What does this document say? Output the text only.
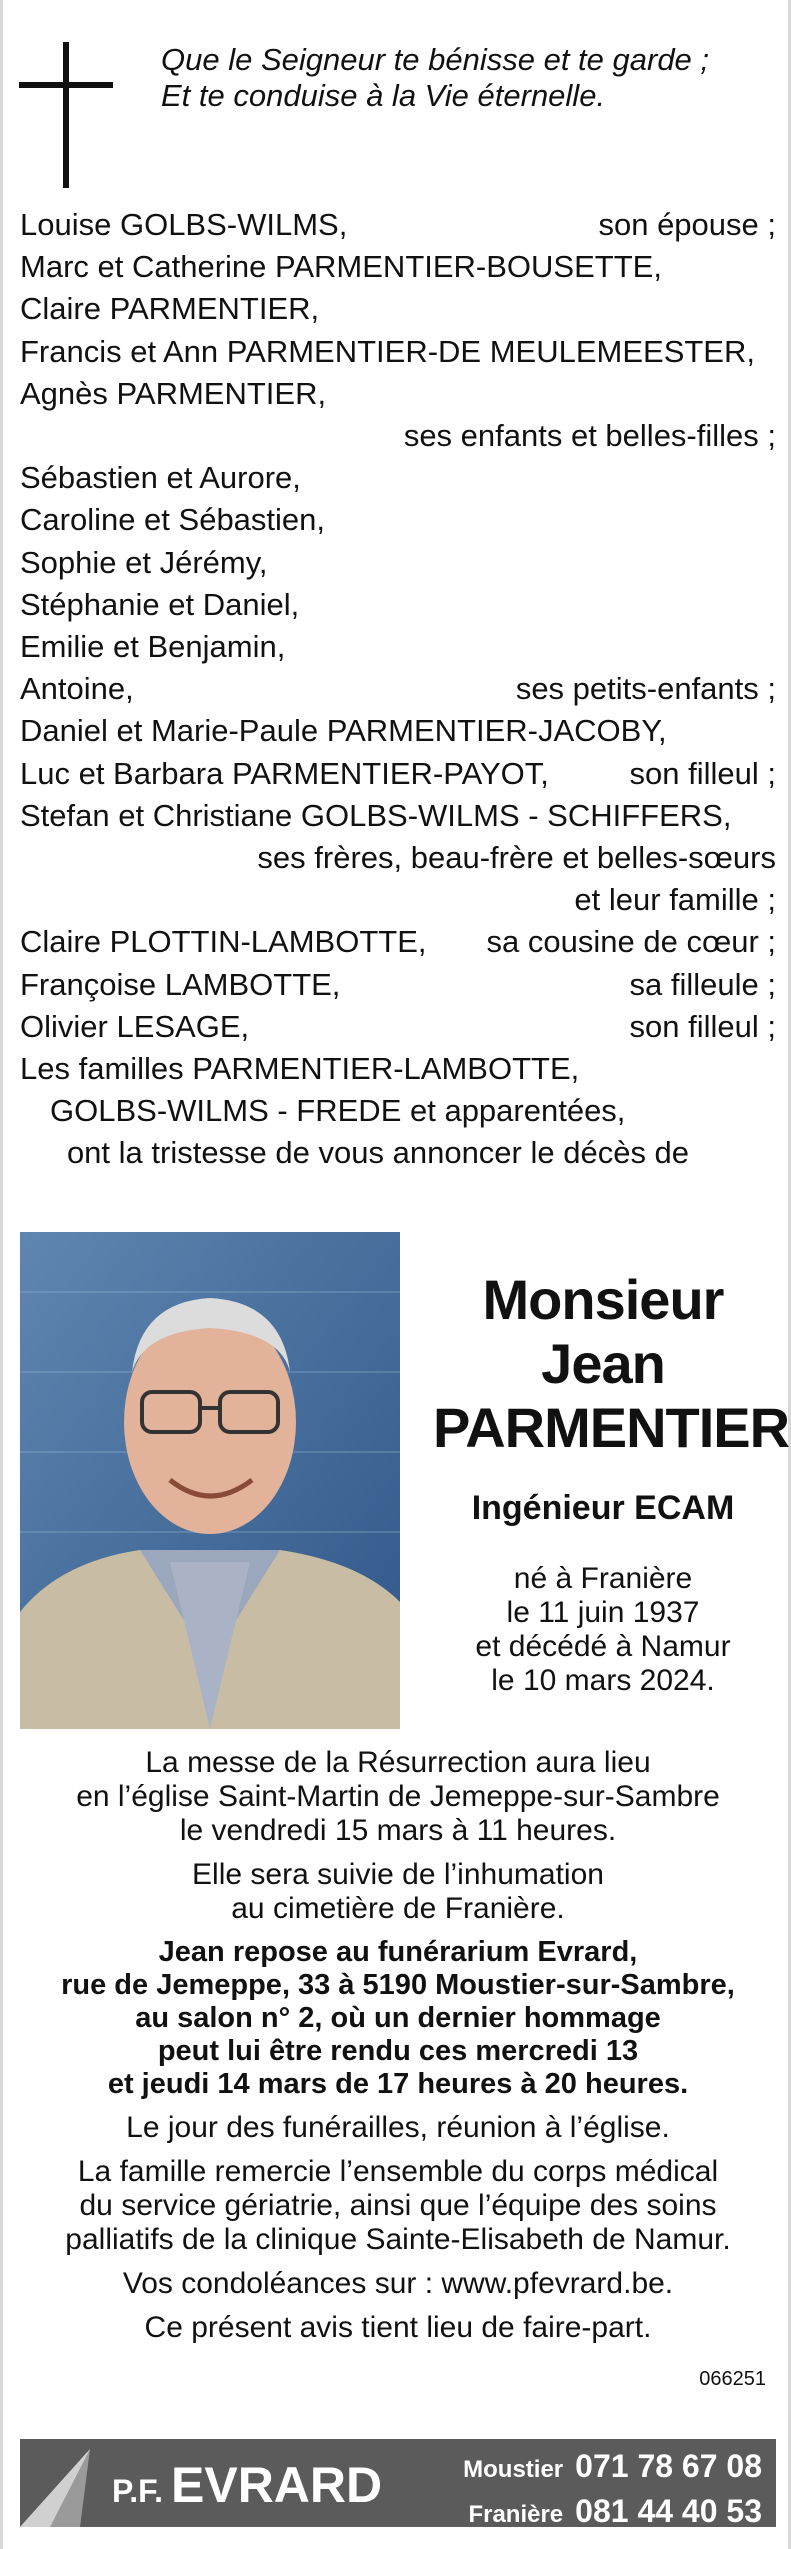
Que le Seigneur te bénisse et te garde ;
Et te conduise à la Vie éternelle.
Louise GOLBS-WILMS,	son épouse ;
Marc et Catherine PARMENTIER-BOUSETTE,
Claire PARMENTIER,
Francis et Ann PARMENTIER-DE MEULEMEESTER,
Agnès PARMENTIER,
ses enfants et belles-filles ;
Sébastien et Aurore,
Caroline et Sébastien,
Sophie et Jérémy,
Stéphanie et Daniel,
Emilie et Benjamin,
Antoine,	ses petits-enfants ;
Daniel et Marie-Paule PARMENTIER-JACOBY,
Luc et Barbara PARMENTIER-PAYOT,	son filleul ;
Stefan et Christiane GOLBS-WILMS - SCHIFFERS,
ses frères, beau-frère et belles-sœurs
et leur famille ;
Claire PLOTTIN-LAMBOTTE, sa cousine de cœur ;
Françoise LAMBOTTE,	sa filleule ;
Olivier LESAGE,	son filleul ;
Les familles PARMENTIER-LAMBOTTE,
GOLBS-WILMS - FREDE et apparentées,
ont la tristesse de vous annoncer le décès de
Monsieur
Jean
PARMENTIER
Ingénieur ECAM
né à Franière
le 11 juin 1937
et décédé à Namur
le 10 mars 2024.

La messe de la Résurrection aura lieu
en l’église Saint-Martin de Jemeppe-sur-Sambre
le vendredi 15 mars à 11 heures.

Elle sera suivie de l’inhumation
au cimetière de Franière.

Jean repose au funérarium Evrard,
rue de Jemeppe, 33 à 5190 Moustier-sur-Sambre,
au salon n° 2, où un dernier hommage
peut lui être rendu ces mercredi 13
et jeudi 14 mars de 17 heures à 20 heures.

Le jour des funérailles, réunion à l’église.

La famille remercie l’ensemble du corps médical
du service gériatrie, ainsi que l’équipe des soins
palliatifs de la clinique Sainte-Elisabeth de Namur.

Vos condoléances sur : www.pfevrard.be.

Ce présent avis tient lieu de faire-part.

066251
P.F. EVRARD	Moustier 071 78 67 08
Franière 081 44 40 53
